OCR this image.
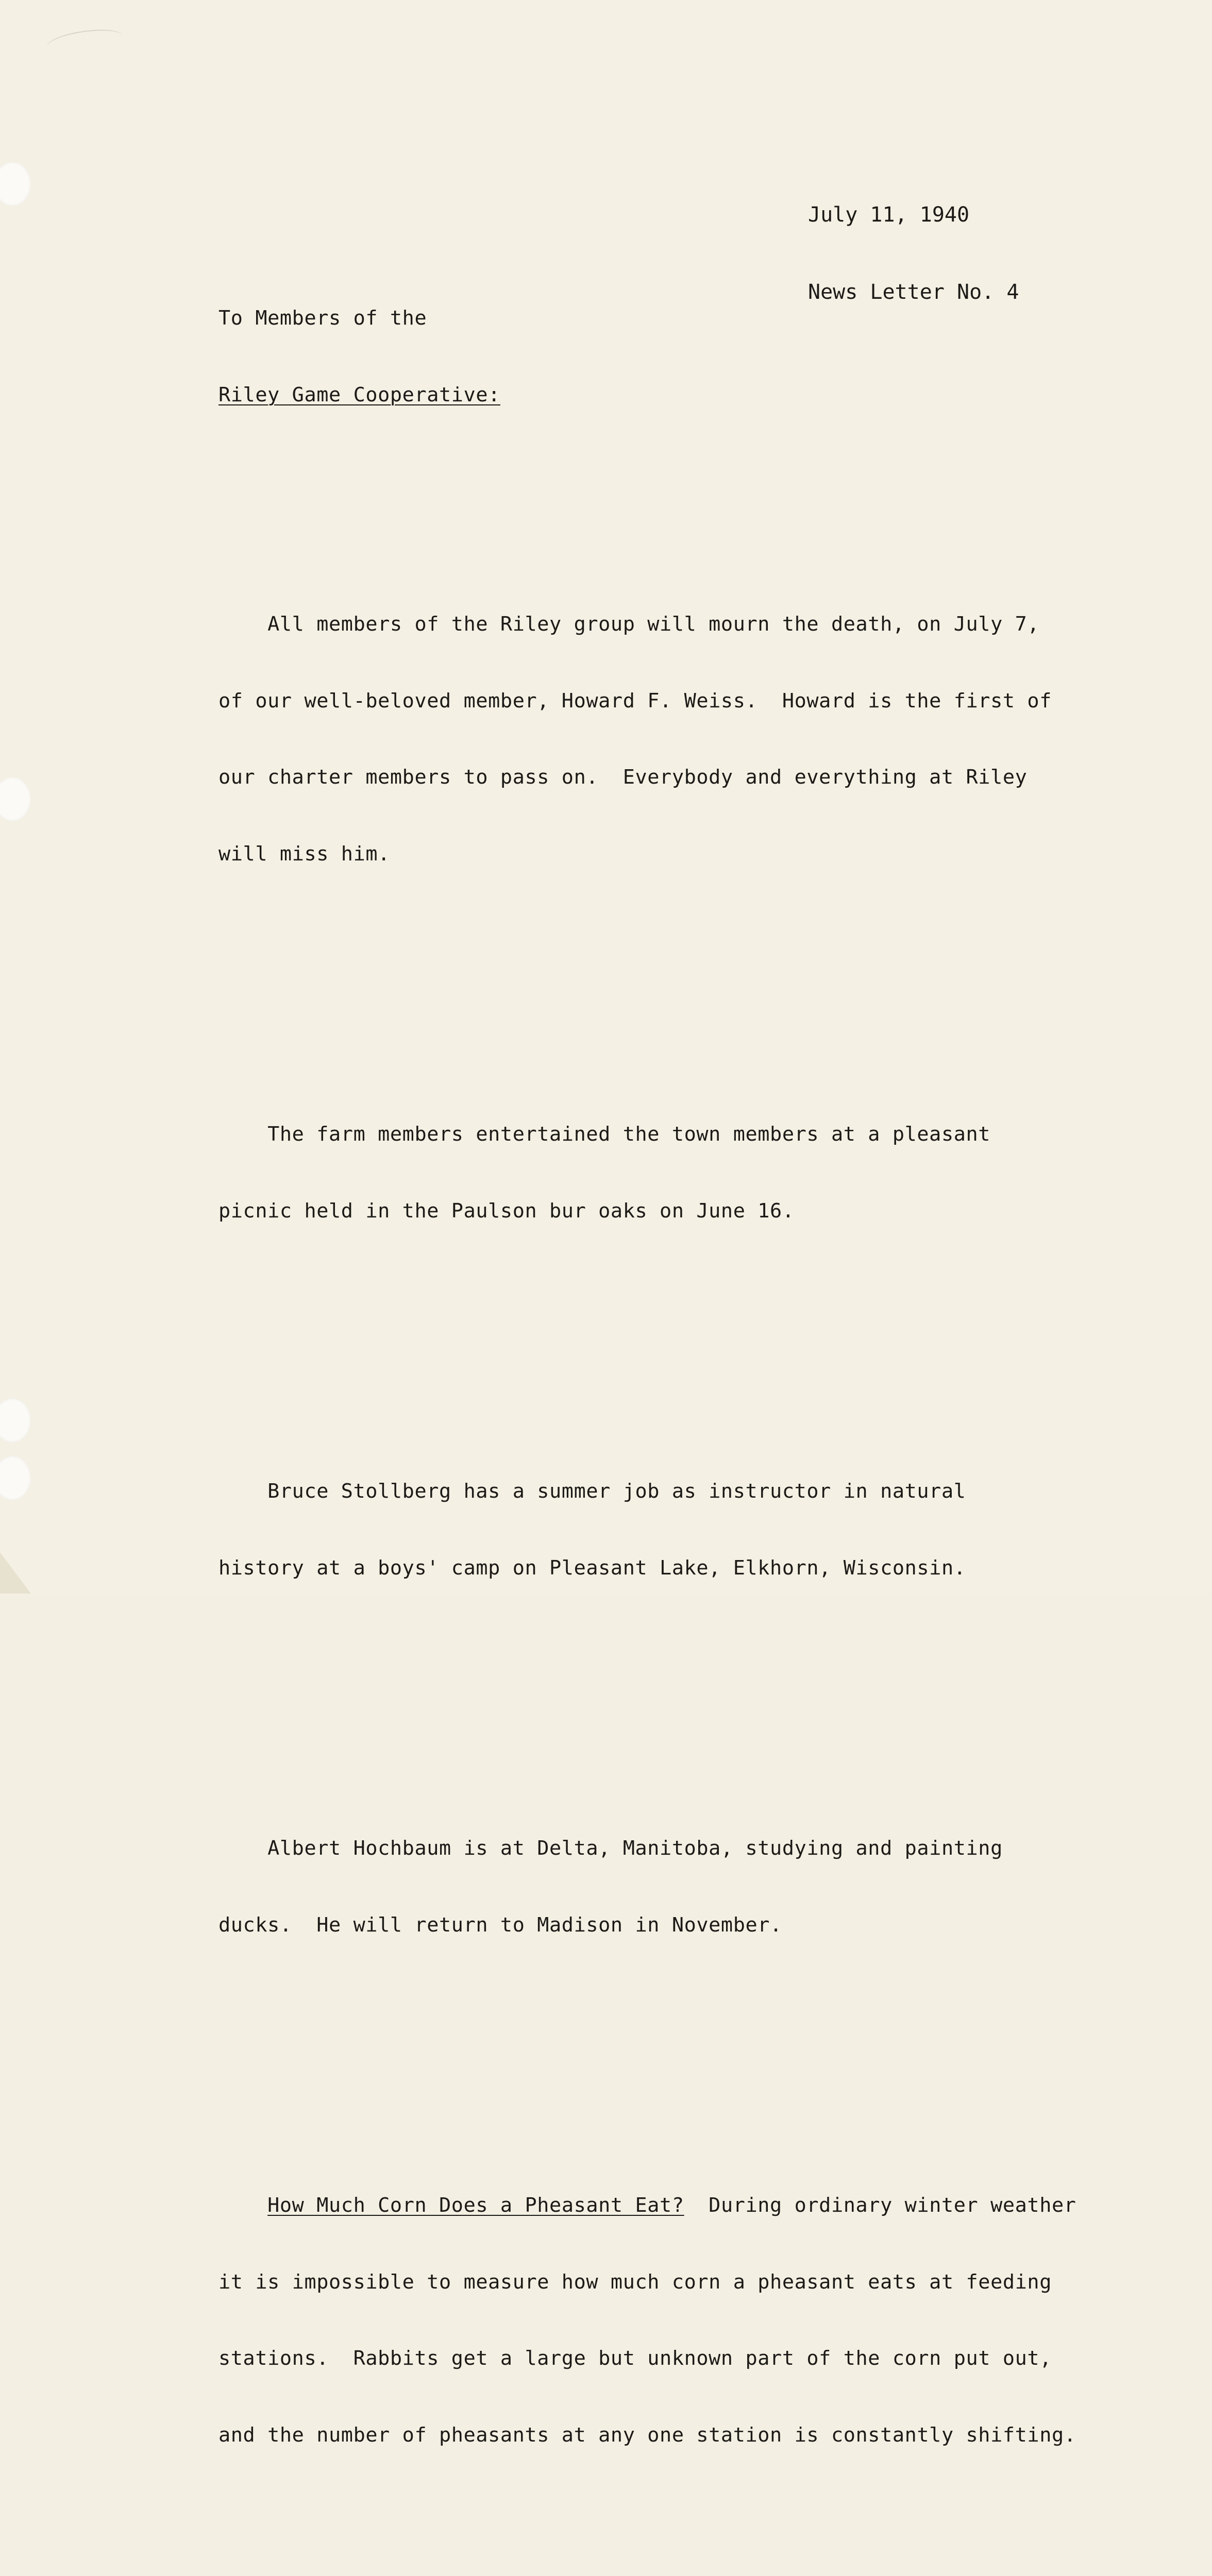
July 11, 1940

News Letter No. 4

To Members of the

Riley Game Cooperative:

All members of the Riley group will mourn the death, on July 7,

of our well-beloved member, Howard F. Weiss.  Howard is the first of

our charter members to pass on.  Everybody and everything at Riley

will miss him.

The farm members entertained the town members at a pleasant

picnic held in the Paulson bur oaks on June 16.

Bruce Stollberg has a summer job as instructor in natural

history at a boys' camp on Pleasant Lake, Elkhorn, Wisconsin.

Albert Hochbaum is at Delta, Manitoba, studying and painting

ducks.  He will return to Madison in November.

How Much Corn Does a Pheasant Eat?  During ordinary winter weather

it is impossible to measure how much corn a pheasant eats at feeding

stations.  Rabbits get a large but unknown part of the corn put out,

and the number of pheasants at any one station is constantly shifting.
